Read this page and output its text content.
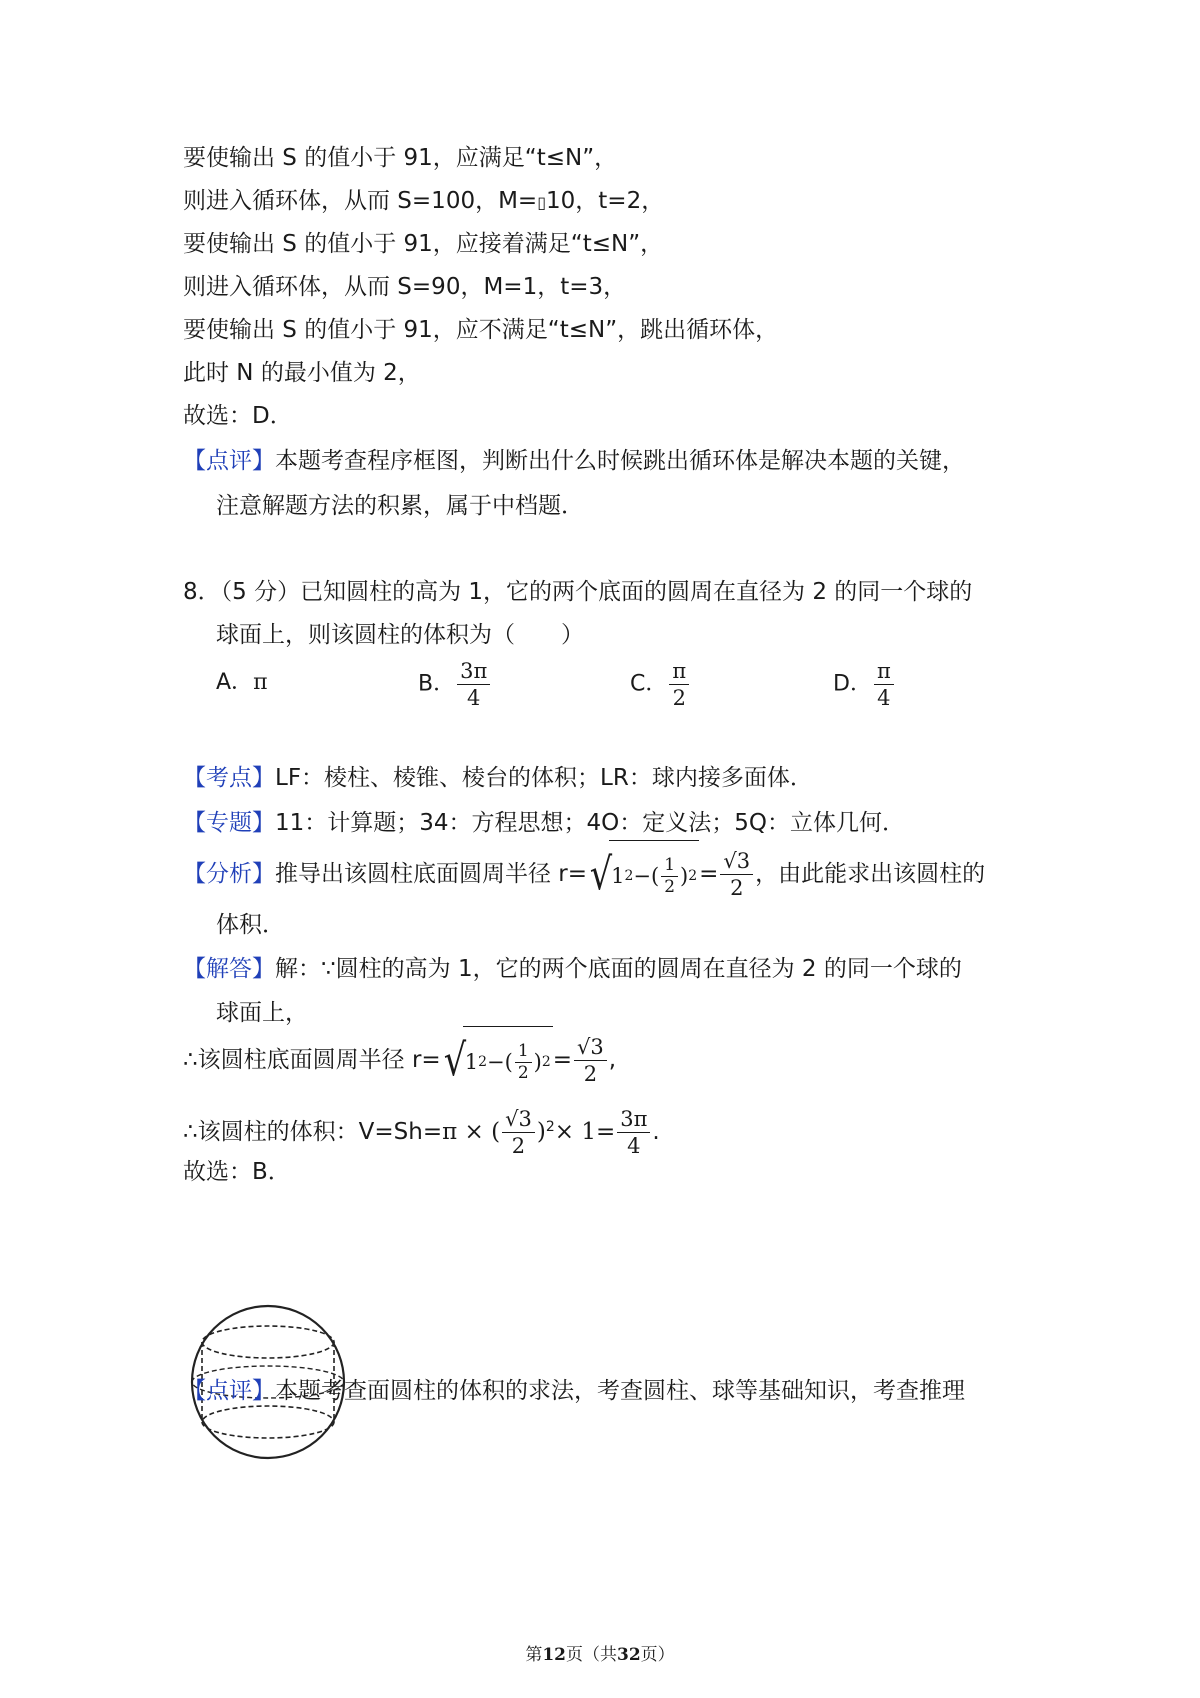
要使输出 S 的值小于 91，应满足“t≤N”，
则进入循环体，从而 S=100，M=▯10，t=2，
要使输出 S 的值小于 91，应接着满足“t≤N”，
则进入循环体，从而 S=90，M=1，t=3，
要使输出 S 的值小于 91，应不满足“t≤N”，跳出循环体，
此时 N 的最小值为 2，
故选：D．
【点评】本题考查程序框图，判断出什么时候跳出循环体是解决本题的关键，
注意解题方法的积累，属于中档题．
8．（5 分）已知圆柱的高为 1，它的两个底面的圆周在直径为 2 的同一个球的
球面上，则该圆柱的体积为（　　）
A．π	B． $\frac{3\pi}{4}$	C． $\frac{\pi}{2}$	D． $\frac{\pi}{4}$
【考点】LF：棱柱、棱锥、棱台的体积；LR：球内接多面体．
【专题】11：计算题；34：方程思想；4O：定义法；5Q：立体几何．
【分析】推导出该圆柱底面圆周半径 r= √
1 2 −( $\frac{1}{2}$ ) $2 = \frac{√3}{2}$ ，由此能求出该圆柱的
体积．
【解答】解：∵圆柱的高为 1，它的两个底面的圆周在直径为 2 的同一个球的
球面上，
∴该圆柱底面圆周半径 r= √
1 2 −( $\frac{1}{2}$ ) $2 = \frac{√3}{2}$ ,
∴该圆柱的体积：V=Sh=π × ( $\frac{√3}{2} )^2\times 1= \frac{3\pi}{4}$ .
故选：B．
【点评】本题考查面圆柱的体积的求法，考查圆柱、球等基础知识，考查推理
第12页（共32页）
